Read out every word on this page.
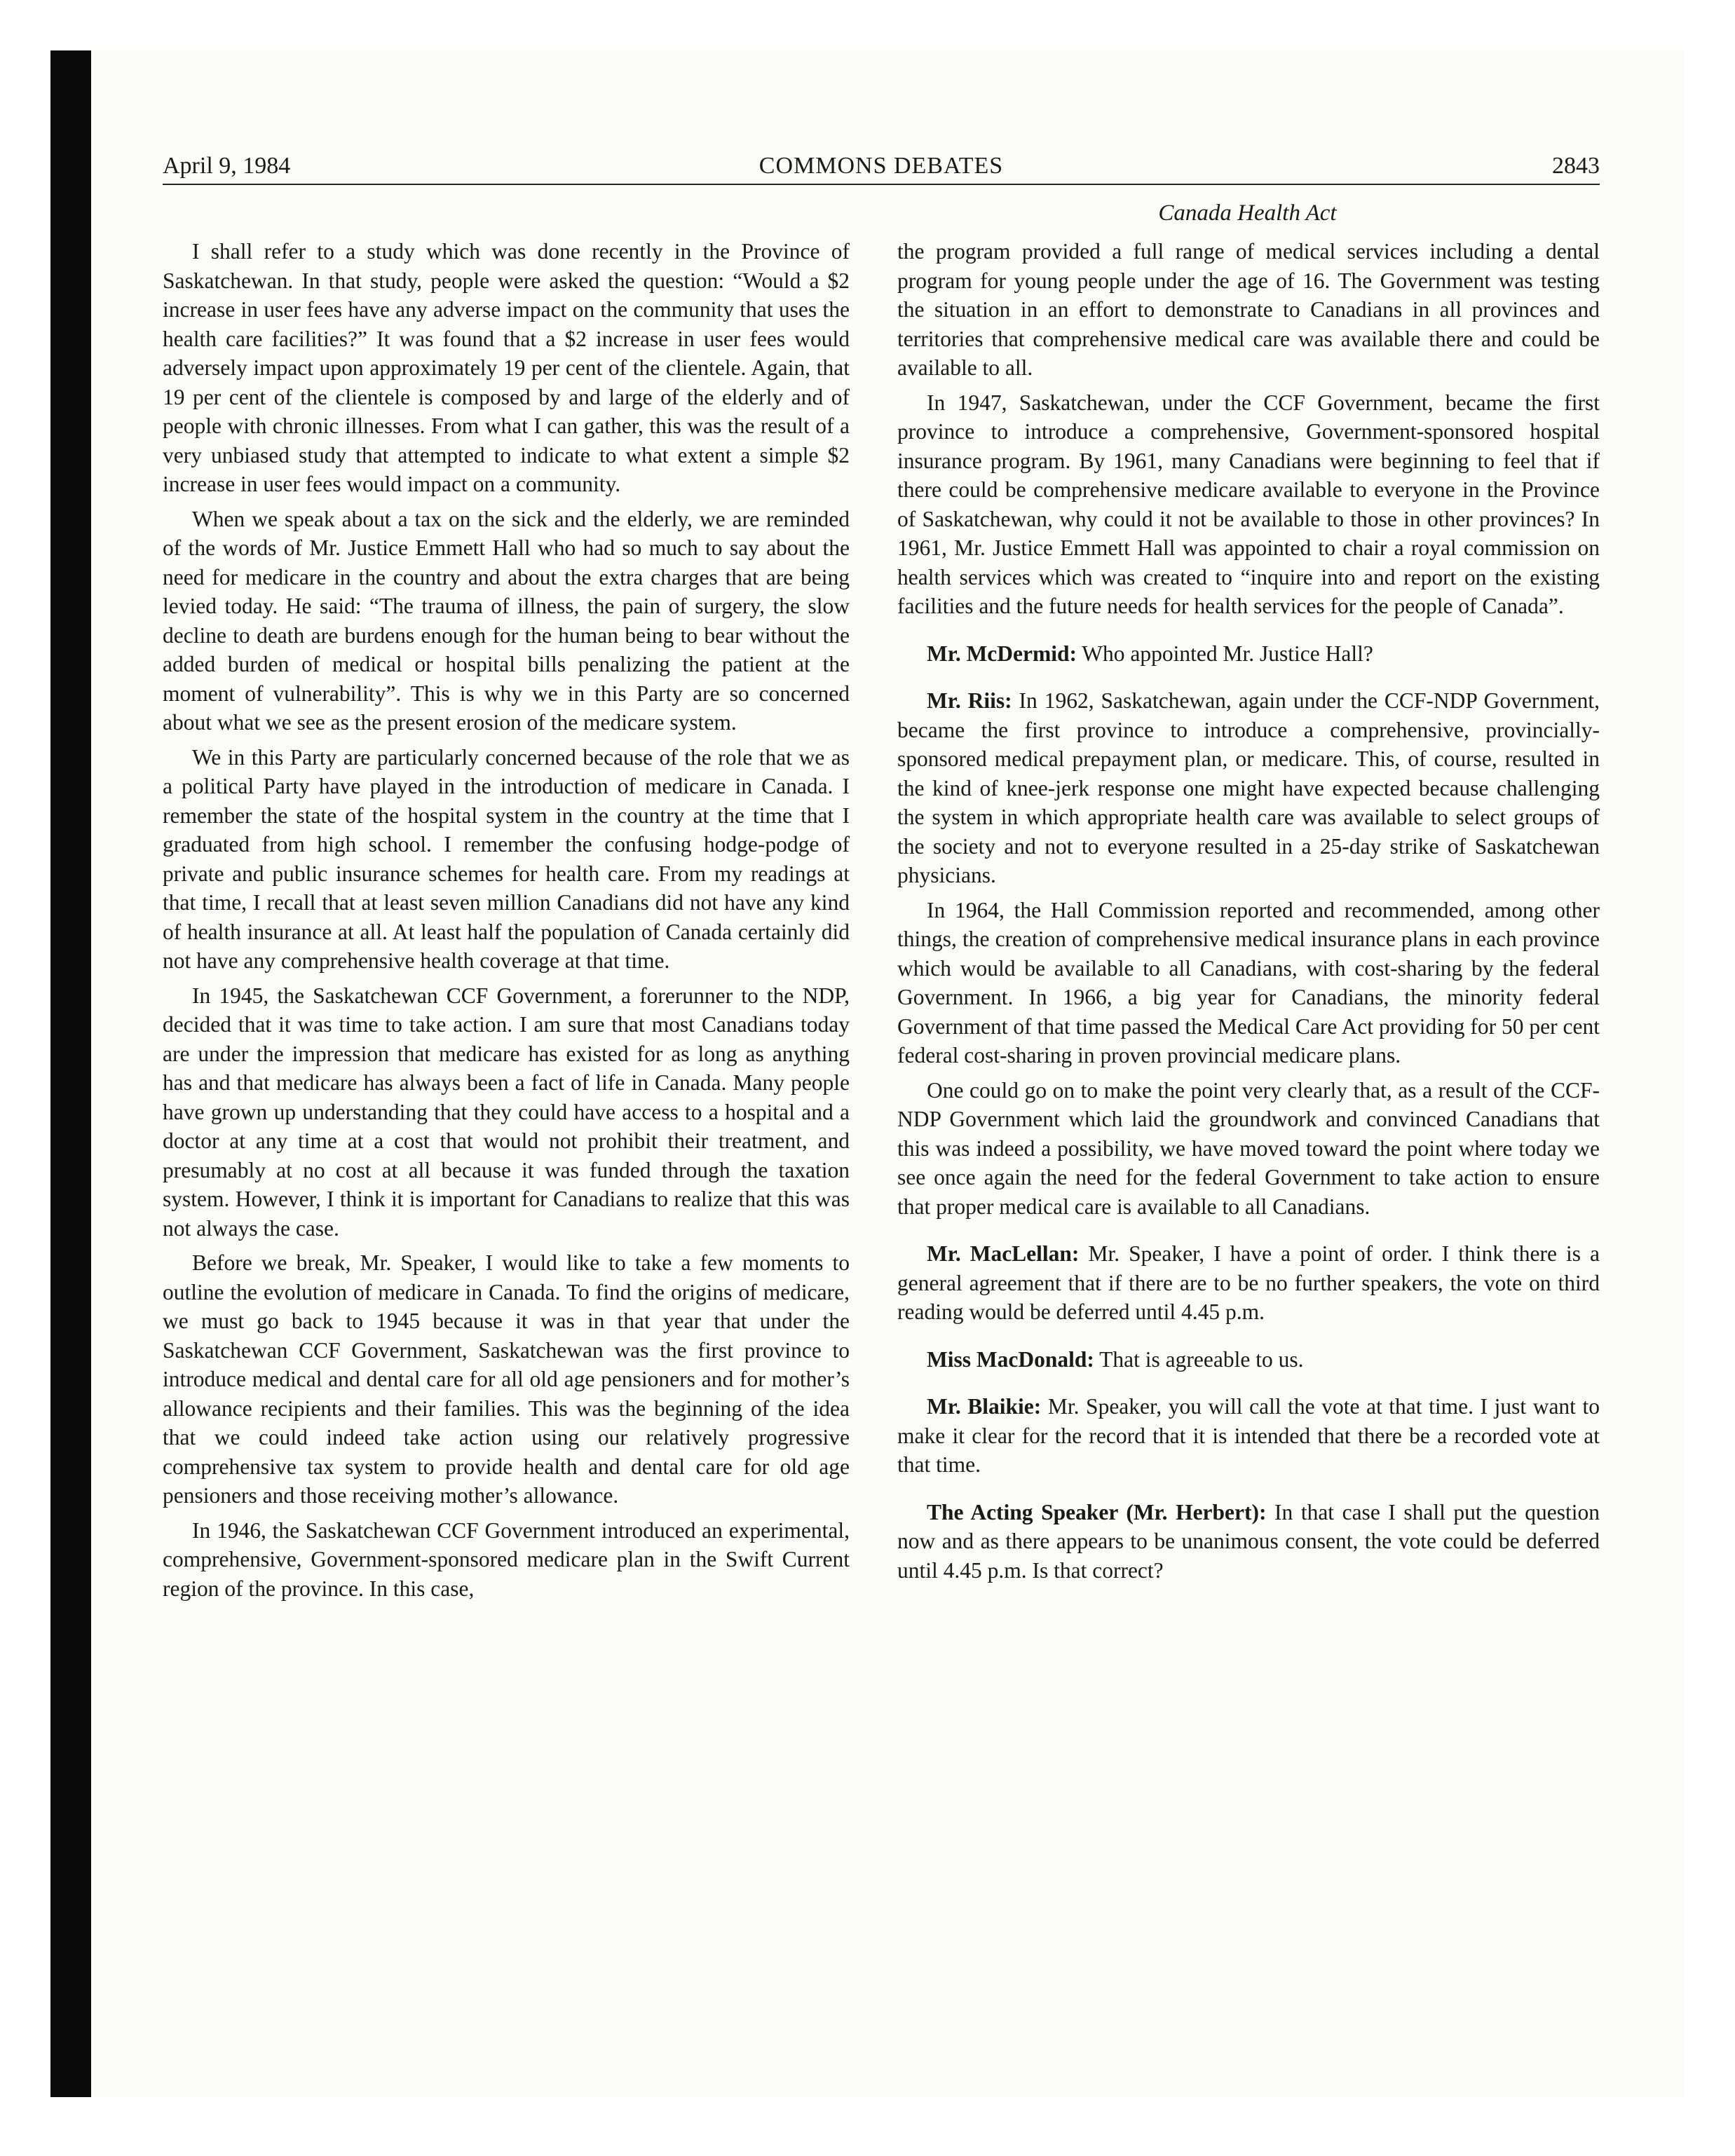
April 9, 1984	COMMONS DEBATES	2843
Canada Health Act

I shall refer to a study which was done recently in the Province of Saskatchewan. In that study, people were asked the question: “Would a $2 increase in user fees have any adverse impact on the community that uses the health care facilities?” It was found that a $2 increase in user fees would adversely impact upon approximately 19 per cent of the clientele. Again, that 19 per cent of the clientele is composed by and large of the elderly and of people with chronic illnesses. From what I can gather, this was the result of a very unbiased study that attempted to indicate to what extent a simple $2 increase in user fees would impact on a community.

When we speak about a tax on the sick and the elderly, we are reminded of the words of Mr. Justice Emmett Hall who had so much to say about the need for medicare in the country and about the extra charges that are being levied today. He said: “The trauma of illness, the pain of surgery, the slow decline to death are burdens enough for the human being to bear without the added burden of medical or hospital bills penalizing the patient at the moment of vulnerability”. This is why we in this Party are so concerned about what we see as the present erosion of the medicare system.

We in this Party are particularly concerned because of the role that we as a political Party have played in the introduction of medicare in Canada. I remember the state of the hospital system in the country at the time that I graduated from high school. I remember the confusing hodge-podge of private and public insurance schemes for health care. From my readings at that time, I recall that at least seven million Canadians did not have any kind of health insurance at all. At least half the population of Canada certainly did not have any comprehensive health coverage at that time.

In 1945, the Saskatchewan CCF Government, a forerunner to the NDP, decided that it was time to take action. I am sure that most Canadians today are under the impression that medicare has existed for as long as anything has and that medicare has always been a fact of life in Canada. Many people have grown up understanding that they could have access to a hospital and a doctor at any time at a cost that would not prohibit their treatment, and presumably at no cost at all because it was funded through the taxation system. However, I think it is important for Canadians to realize that this was not always the case.

Before we break, Mr. Speaker, I would like to take a few moments to outline the evolution of medicare in Canada. To find the origins of medicare, we must go back to 1945 because it was in that year that under the Saskatchewan CCF Government, Saskatchewan was the first province to introduce medical and dental care for all old age pensioners and for mother’s allowance recipients and their families. This was the beginning of the idea that we could indeed take action using our relatively progressive comprehensive tax system to provide health and dental care for old age pensioners and those receiving mother’s allowance.

In 1946, the Saskatchewan CCF Government introduced an experimental, comprehensive, Government-sponsored medicare plan in the Swift Current region of the province. In this case,

the program provided a full range of medical services including a dental program for young people under the age of 16. The Government was testing the situation in an effort to demonstrate to Canadians in all provinces and territories that comprehensive medical care was available there and could be available to all.

In 1947, Saskatchewan, under the CCF Government, became the first province to introduce a comprehensive, Government-sponsored hospital insurance program. By 1961, many Canadians were beginning to feel that if there could be comprehensive medicare available to everyone in the Province of Saskatchewan, why could it not be available to those in other provinces? In 1961, Mr. Justice Emmett Hall was appointed to chair a royal commission on health services which was created to “inquire into and report on the existing facilities and the future needs for health services for the people of Canada”.

Mr. McDermid: Who appointed Mr. Justice Hall?

Mr. Riis: In 1962, Saskatchewan, again under the CCF-NDP Government, became the first province to introduce a comprehensive, provincially-sponsored medical prepayment plan, or medicare. This, of course, resulted in the kind of knee-jerk response one might have expected because challenging the system in which appropriate health care was available to select groups of the society and not to everyone resulted in a 25-day strike of Saskatchewan physicians.

In 1964, the Hall Commission reported and recommended, among other things, the creation of comprehensive medical insurance plans in each province which would be available to all Canadians, with cost-sharing by the federal Government. In 1966, a big year for Canadians, the minority federal Government of that time passed the Medical Care Act providing for 50 per cent federal cost-sharing in proven provincial medicare plans.

One could go on to make the point very clearly that, as a result of the CCF-NDP Government which laid the groundwork and convinced Canadians that this was indeed a possibility, we have moved toward the point where today we see once again the need for the federal Government to take action to ensure that proper medical care is available to all Canadians.

Mr. MacLellan: Mr. Speaker, I have a point of order. I think there is a general agreement that if there are to be no further speakers, the vote on third reading would be deferred until 4.45 p.m.

Miss MacDonald: That is agreeable to us.

Mr. Blaikie: Mr. Speaker, you will call the vote at that time. I just want to make it clear for the record that it is intended that there be a recorded vote at that time.

The Acting Speaker (Mr. Herbert): In that case I shall put the question now and as there appears to be unanimous consent, the vote could be deferred until 4.45 p.m. Is that correct?
